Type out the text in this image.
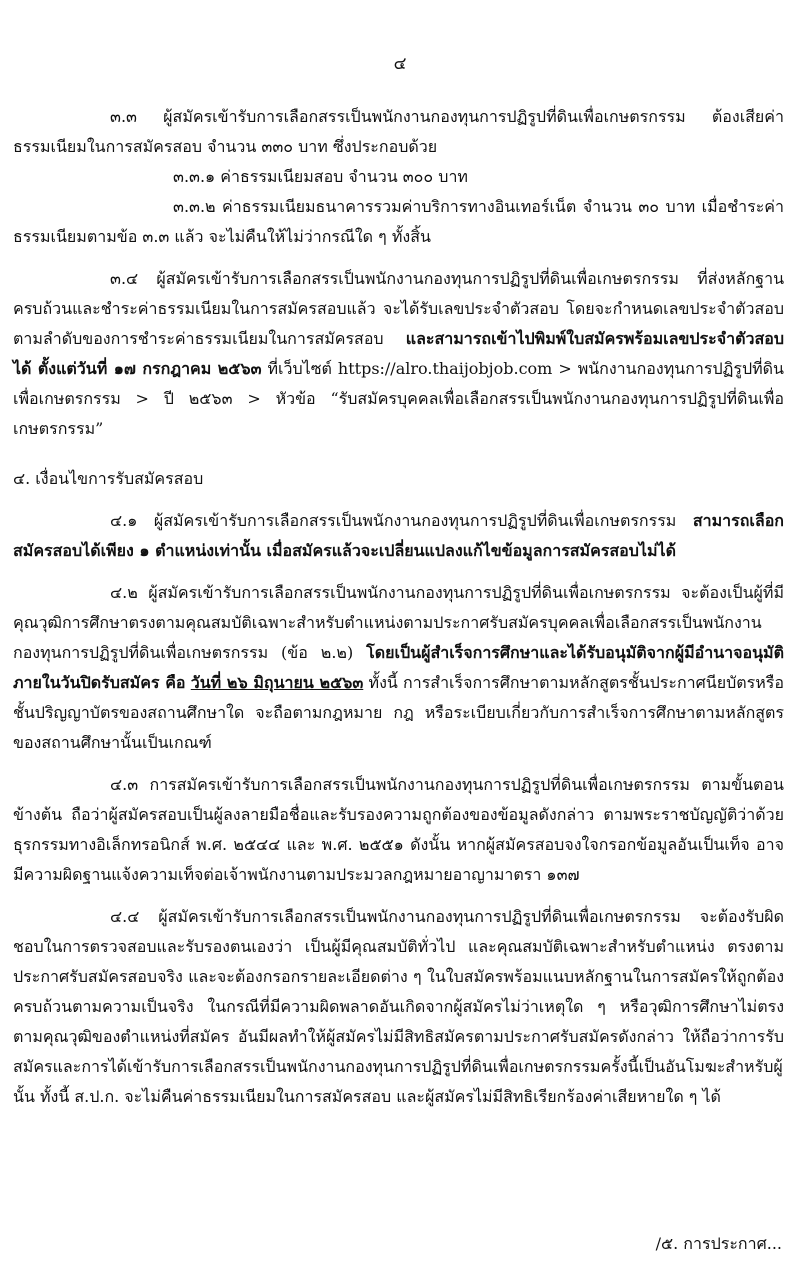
๔

๓.๓ ผู้สมัครเข้ารับการเลือกสรรเป็นพนักงานกองทุนการปฏิรูปที่ดินเพื่อเกษตรกรรม ต้องเสียค่าธรรมเนียมในการสมัครสอบ จำนวน ๓๓๐ บาท ซึ่งประกอบด้วย

๓.๓.๑ ค่าธรรมเนียมสอบ จำนวน ๓๐๐ บาท

๓.๓.๒ ค่าธรรมเนียมธนาคารรวมค่าบริการทางอินเทอร์เน็ต จำนวน ๓๐ บาท เมื่อชำระค่าธรรมเนียมตามข้อ ๓.๓ แล้ว จะไม่คืนให้ไม่ว่ากรณีใด ๆ ทั้งสิ้น

๓.๔ ผู้สมัครเข้ารับการเลือกสรรเป็นพนักงานกองทุนการปฏิรูปที่ดินเพื่อเกษตรกรรม ที่ส่งหลักฐานครบถ้วนและชำระค่าธรรมเนียมในการสมัครสอบแล้ว จะได้รับเลขประจำตัวสอบ โดยจะกำหนดเลขประจำตัวสอบตามลำดับของการชำระค่าธรรมเนียมในการสมัครสอบ และสามารถเข้าไปพิมพ์ใบสมัครพร้อมเลขประจำตัวสอบได้ ตั้งแต่วันที่ ๑๗ กรกฎาคม ๒๕๖๓ ที่เว็บไซต์ https://alro.thaijobjob.com > พนักงานกองทุนการปฏิรูปที่ดินเพื่อเกษตรกรรม > ปี ๒๕๖๓ > หัวข้อ “รับสมัครบุคคลเพื่อเลือกสรรเป็นพนักงานกองทุนการปฏิรูปที่ดินเพื่อเกษตรกรรม”

๔. เงื่อนไขการรับสมัครสอบ

๔.๑ ผู้สมัครเข้ารับการเลือกสรรเป็นพนักงานกองทุนการปฏิรูปที่ดินเพื่อเกษตรกรรม สามารถเลือกสมัครสอบได้เพียง ๑ ตำแหน่งเท่านั้น เมื่อสมัครแล้วจะเปลี่ยนแปลงแก้ไขข้อมูลการสมัครสอบไม่ได้

๔.๒ ผู้สมัครเข้ารับการเลือกสรรเป็นพนักงานกองทุนการปฏิรูปที่ดินเพื่อเกษตรกรรม จะต้องเป็นผู้ที่มีคุณวุฒิการศึกษาตรงตามคุณสมบัติเฉพาะสำหรับตำแหน่งตามประกาศรับสมัครบุคคลเพื่อเลือกสรรเป็นพนักงานกองทุนการปฏิรูปที่ดินเพื่อเกษตรกรรม (ข้อ ๒.๒) โดยเป็นผู้สำเร็จการศึกษาและได้รับอนุมัติจากผู้มีอำนาจอนุมัติ ภายในวันปิดรับสมัคร คือ วันที่ ๒๖ มิถุนายน ๒๕๖๓ ทั้งนี้ การสำเร็จการศึกษาตามหลักสูตรชั้นประกาศนียบัตรหรือชั้นปริญญาบัตรของสถานศึกษาใด จะถือตามกฎหมาย กฎ หรือระเบียบเกี่ยวกับการสำเร็จการศึกษาตามหลักสูตรของสถานศึกษานั้นเป็นเกณฑ์

๔.๓ การสมัครเข้ารับการเลือกสรรเป็นพนักงานกองทุนการปฏิรูปที่ดินเพื่อเกษตรกรรม ตามขั้นตอนข้างต้น ถือว่าผู้สมัครสอบเป็นผู้ลงลายมือชื่อและรับรองความถูกต้องของข้อมูลดังกล่าว ตามพระราชบัญญัติว่าด้วยธุรกรรมทางอิเล็กทรอนิกส์ พ.ศ. ๒๕๔๔ และ พ.ศ. ๒๕๕๑ ดังนั้น หากผู้สมัครสอบจงใจกรอกข้อมูลอันเป็นเท็จ อาจมีความผิดฐานแจ้งความเท็จต่อเจ้าพนักงานตามประมวลกฎหมายอาญามาตรา ๑๓๗

๔.๔ ผู้สมัครเข้ารับการเลือกสรรเป็นพนักงานกองทุนการปฏิรูปที่ดินเพื่อเกษตรกรรม จะต้องรับผิดชอบในการตรวจสอบและรับรองตนเองว่า เป็นผู้มีคุณสมบัติทั่วไป และคุณสมบัติเฉพาะสำหรับตำแหน่ง ตรงตามประกาศรับสมัครสอบจริง และจะต้องกรอกรายละเอียดต่าง ๆ ในใบสมัครพร้อมแนบหลักฐานในการสมัครให้ถูกต้องครบถ้วนตามความเป็นจริง ในกรณีที่มีความผิดพลาดอันเกิดจากผู้สมัครไม่ว่าเหตุใด ๆ หรือวุฒิการศึกษาไม่ตรงตามคุณวุฒิของตำแหน่งที่สมัคร อันมีผลทำให้ผู้สมัครไม่มีสิทธิสมัครตามประกาศรับสมัครดังกล่าว ให้ถือว่าการรับสมัครและการได้เข้ารับการเลือกสรรเป็นพนักงานกองทุนการปฏิรูปที่ดินเพื่อเกษตรกรรมครั้งนี้เป็นอันโมฆะสำหรับผู้นั้น ทั้งนี้ ส.ป.ก. จะไม่คืนค่าธรรมเนียมในการสมัครสอบ และผู้สมัครไม่มีสิทธิเรียกร้องค่าเสียหายใด ๆ ได้

/๕. การประกาศ...
